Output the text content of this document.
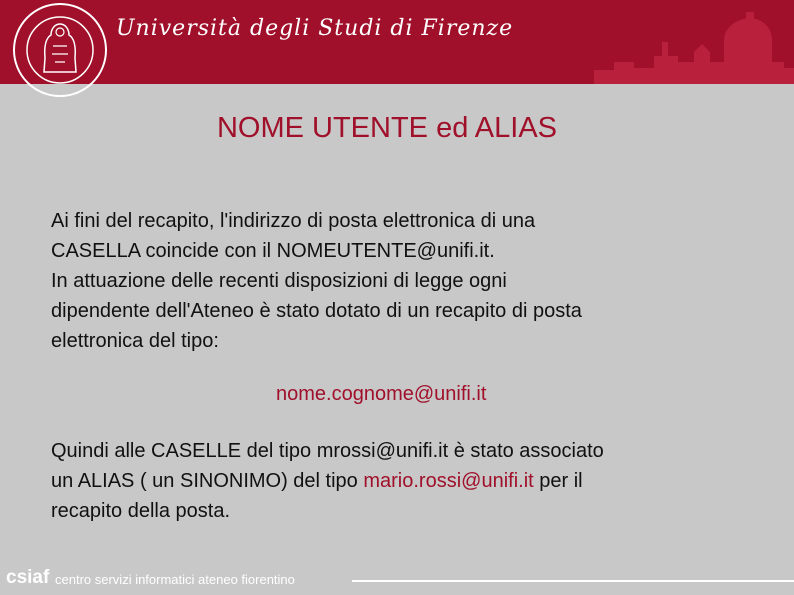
Università degli Studi di Firenze
NOME UTENTE ed ALIAS
Ai fini del recapito, l'indirizzo di posta elettronica di una
CASELLA coincide con il NOMEUTENTE@unifi.it.
In attuazione delle recenti disposizioni di legge ogni
dipendente dell'Ateneo è stato dotato di un recapito di posta
elettronica del tipo:
nome.cognome@unifi.it
Quindi alle CASELLE del tipo mrossi@unifi.it è stato associato
un ALIAS ( un SINONIMO) del tipo mario.rossi@unifi.it per il
recapito della posta.
csiaf centro servizi informatici ateneo fiorentino
